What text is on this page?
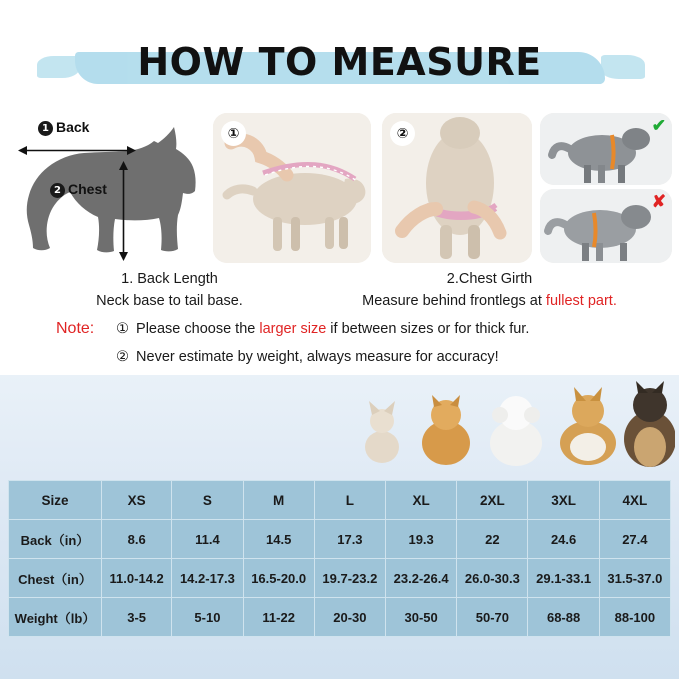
HOW TO MEASURE
1 Back
2 Chest
①	②	✔
✘
1. Back Length	2.Chest Girth
Neck base to tail base.	Measure behind frontlegs at fullest part.
Note: ① Please choose the larger size if between sizes or for thick fur.
② Never estimate by weight, always measure for accuracy!
Size	XS	S	M	L	XL	2XL	3XL	4XL
Back（in）	8.6	11.4	14.5	17.3	19.3	22	24.6	27.4
Chest（in）	11.0-14.2	14.2-17.3	16.5-20.0	19.7-23.2	23.2-26.4	26.0-30.3	29.1-33.1	31.5-37.0
Weight（lb）	3-5	5-10	11-22	20-30	30-50	50-70	68-88	88-100
